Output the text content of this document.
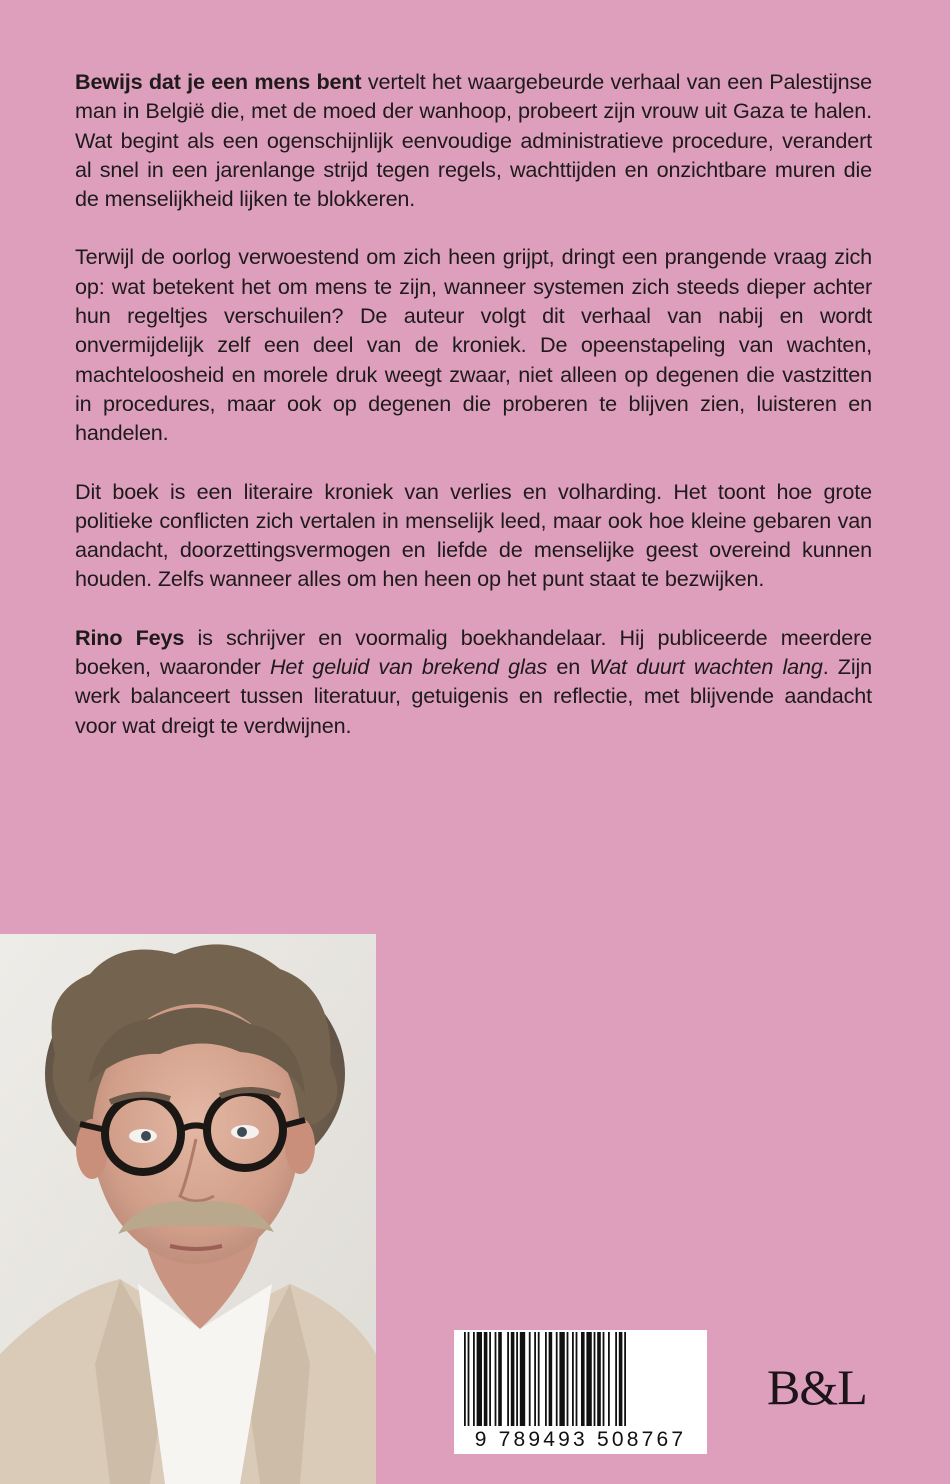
Bewijs dat je een mens bent vertelt het waargebeurde verhaal van een Palestijnse man in België die, met de moed der wanhoop, probeert zijn vrouw uit Gaza te halen. Wat begint als een ogenschijnlijk eenvoudige administratieve procedure, verandert al snel in een jarenlange strijd tegen regels, wachttijden en onzichtbare muren die de menselijkheid lijken te blokkeren.

Terwijl de oorlog verwoestend om zich heen grijpt, dringt een prangende vraag zich op: wat betekent het om mens te zijn, wanneer systemen zich steeds dieper achter hun regeltjes verschuilen? De auteur volgt dit verhaal van nabij en wordt onvermijdelijk zelf een deel van de kroniek. De opeenstapeling van wachten, machteloosheid en morele druk weegt zwaar, niet alleen op degenen die vastzitten in procedures, maar ook op degenen die proberen te blijven zien, luisteren en handelen.

Dit boek is een literaire kroniek van verlies en volharding. Het toont hoe grote politieke conflicten zich vertalen in menselijk leed, maar ook hoe kleine gebaren van aandacht, doorzettingsvermogen en liefde de menselijke geest overeind kunnen houden. Zelfs wanneer alles om hen heen op het punt staat te bezwijken.

Rino Feys is schrijver en voormalig boekhandelaar. Hij publiceerde meerdere boeken, waaronder Het geluid van brekend glas en Wat duurt wachten lang. Zijn werk balanceert tussen literatuur, getuigenis en reflectie, met blijvende aandacht voor wat dreigt te verdwijnen.

9 789493 508767
B&L
